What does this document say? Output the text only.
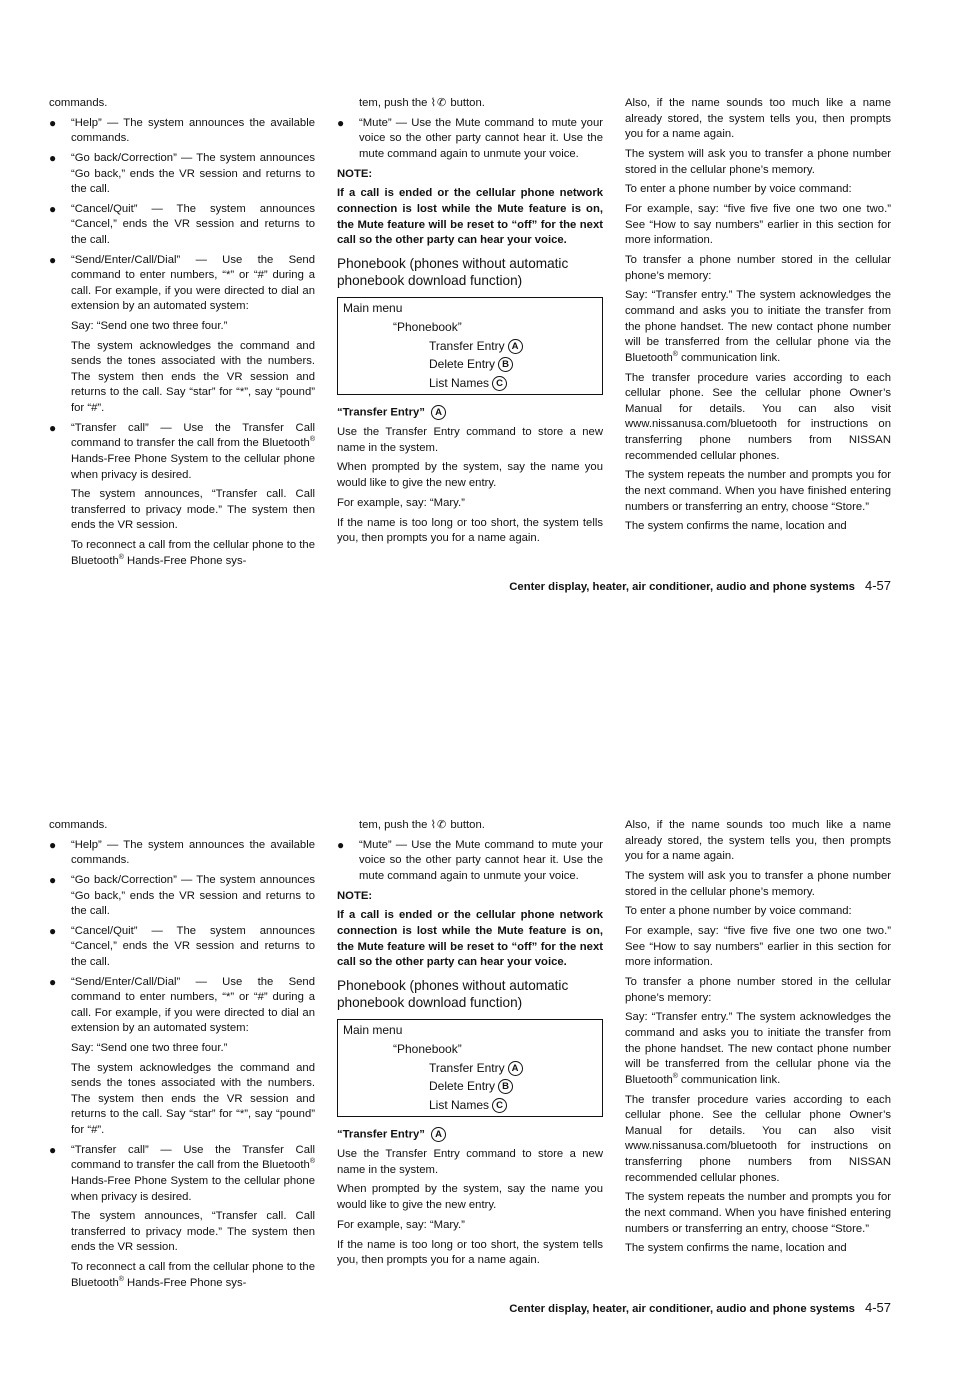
commands.

● “Help” — The system announces the available commands.
● “Go back/Correction” — The system announces “Go back,” ends the VR session and returns to the call.
● “Cancel/Quit” — The system announces “Cancel,” ends the VR session and returns to the call.
● “Send/Enter/Call/Dial” — Use the Send command to enter numbers, “*” or “#” during a call. For example, if you were directed to dial an extension by an automated system:

Say: “Send one two three four.”

The system acknowledges the command and sends the tones associated with the numbers. The system then ends the VR session and returns to the call. Say “star” for “*”, say “pound” for “#”.

● “Transfer call” — Use the Transfer Call command to transfer the call from the Bluetooth® Hands-Free Phone System to the cellular phone when privacy is desired.

The system announces, “Transfer call. Call transferred to privacy mode.” The system then ends the VR session.

To reconnect a call from the cellular phone to the Bluetooth® Hands-Free Phone sys-

tem, push the ⌇✆ button.

● “Mute” — Use the Mute command to mute your voice so the other party cannot hear it. Use the mute command again to unmute your voice.

NOTE:

If a call is ended or the cellular phone network connection is lost while the Mute feature is on, the Mute feature will be reset to “off” for the next call so the other party can hear your voice.

Phonebook (phones without automatic phonebook download function)

Main menu
“Phonebook”
Transfer Entry A
Delete Entry B
List Names C

“Transfer Entry” A

Use the Transfer Entry command to store a new name in the system.

When prompted by the system, say the name you would like to give the new entry.

For example, say: “Mary.”

If the name is too long or too short, the system tells you, then prompts you for a name again.

Also, if the name sounds too much like a name already stored, the system tells you, then prompts you for a name again.

The system will ask you to transfer a phone number stored in the cellular phone’s memory.

To enter a phone number by voice command:

For example, say: “five five five one two one two.” See “How to say numbers” earlier in this section for more information.

To transfer a phone number stored in the cellular phone’s memory:

Say: “Transfer entry.” The system acknowledges the command and asks you to initiate the transfer from the phone handset. The new contact phone number will be transferred from the cellular phone via the Bluetooth® communication link.

The transfer procedure varies according to each cellular phone. See the cellular phone Owner’s Manual for details. You can also visit www.nissanusa.com/bluetooth for instructions on transferring phone numbers from NISSAN recommended cellular phones.

The system repeats the number and prompts you for the next command. When you have finished entering numbers or transferring an entry, choose “Store.”

The system confirms the name, location and

Center display, heater, air conditioner, audio and phone systems 4-57

commands.

● “Help” — The system announces the available commands.
● “Go back/Correction” — The system announces “Go back,” ends the VR session and returns to the call.
● “Cancel/Quit” — The system announces “Cancel,” ends the VR session and returns to the call.
● “Send/Enter/Call/Dial” — Use the Send command to enter numbers, “*” or “#” during a call. For example, if you were directed to dial an extension by an automated system:

Say: “Send one two three four.”

The system acknowledges the command and sends the tones associated with the numbers. The system then ends the VR session and returns to the call. Say “star” for “*”, say “pound” for “#”.

● “Transfer call” — Use the Transfer Call command to transfer the call from the Bluetooth® Hands-Free Phone System to the cellular phone when privacy is desired.

The system announces, “Transfer call. Call transferred to privacy mode.” The system then ends the VR session.

To reconnect a call from the cellular phone to the Bluetooth® Hands-Free Phone sys-

tem, push the ⌇✆ button.

● “Mute” — Use the Mute command to mute your voice so the other party cannot hear it. Use the mute command again to unmute your voice.

NOTE:

If a call is ended or the cellular phone network connection is lost while the Mute feature is on, the Mute feature will be reset to “off” for the next call so the other party can hear your voice.

Phonebook (phones without automatic phonebook download function)

Main menu
“Phonebook”
Transfer Entry A
Delete Entry B
List Names C

“Transfer Entry” A

Use the Transfer Entry command to store a new name in the system.

When prompted by the system, say the name you would like to give the new entry.

For example, say: “Mary.”

If the name is too long or too short, the system tells you, then prompts you for a name again.

Also, if the name sounds too much like a name already stored, the system tells you, then prompts you for a name again.

The system will ask you to transfer a phone number stored in the cellular phone’s memory.

To enter a phone number by voice command:

For example, say: “five five five one two one two.” See “How to say numbers” earlier in this section for more information.

To transfer a phone number stored in the cellular phone’s memory:

Say: “Transfer entry.” The system acknowledges the command and asks you to initiate the transfer from the phone handset. The new contact phone number will be transferred from the cellular phone via the Bluetooth® communication link.

The transfer procedure varies according to each cellular phone. See the cellular phone Owner’s Manual for details. You can also visit www.nissanusa.com/bluetooth for instructions on transferring phone numbers from NISSAN recommended cellular phones.

The system repeats the number and prompts you for the next command. When you have finished entering numbers or transferring an entry, choose “Store.”

The system confirms the name, location and

Center display, heater, air conditioner, audio and phone systems 4-57
